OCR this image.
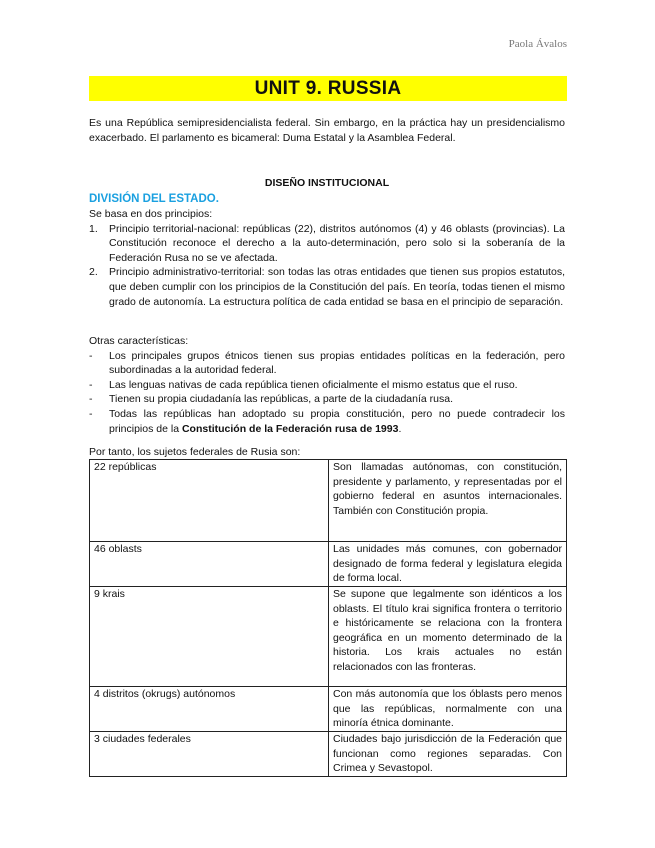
Paola Ávalos
UNIT 9. RUSSIA
Es una República semipresidencialista federal. Sin embargo, en la práctica hay un presidencialismo exacerbado. El parlamento es bicameral: Duma Estatal y la Asamblea Federal.
DISEÑO INSTITUCIONAL
DIVISIÓN DEL ESTADO.
Se basa en dos principios:
1. Principio territorial-nacional: repúblicas (22), distritos autónomos (4) y 46 oblasts (provincias). La Constitución reconoce el derecho a la auto-determinación, pero solo si la soberanía de la Federación Rusa no se ve afectada.
2. Principio administrativo-territorial: son todas las otras entidades que tienen sus propios estatutos, que deben cumplir con los principios de la Constitución del país. En teoría, todas tienen el mismo grado de autonomía. La estructura política de cada entidad se basa en el principio de separación.
Otras características:
- Los principales grupos étnicos tienen sus propias entidades políticas en la federación, pero subordinadas a la autoridad federal.
- Las lenguas nativas de cada república tienen oficialmente el mismo estatus que el ruso.
- Tienen su propia ciudadanía las repúblicas, a parte de la ciudadanía rusa.
- Todas las repúblicas han adoptado su propia constitución, pero no puede contradecir los principios de la Constitución de la Federación rusa de 1993.
Por tanto, los sujetos federales de Rusia son:
22 repúblicas	Son llamadas autónomas, con constitución, presidente y parlamento, y representadas por el gobierno federal en asuntos internacionales. También con Constitución propia.
46 oblasts	Las unidades más comunes, con gobernador designado de forma federal y legislatura elegida de forma local.
9 krais	Se supone que legalmente son idénticos a los oblasts. El título krai significa frontera o territorio e históricamente se relaciona con la frontera geográfica en un momento determinado de la historia. Los krais actuales no están relacionados con las fronteras.
4 distritos (okrugs) autónomos	Con más autonomía que los óblasts pero menos que las repúblicas, normalmente con una minoría étnica dominante.
3 ciudades federales	Ciudades bajo jurisdicción de la Federación que funcionan como regiones separadas. Con Crimea y Sevastopol.
